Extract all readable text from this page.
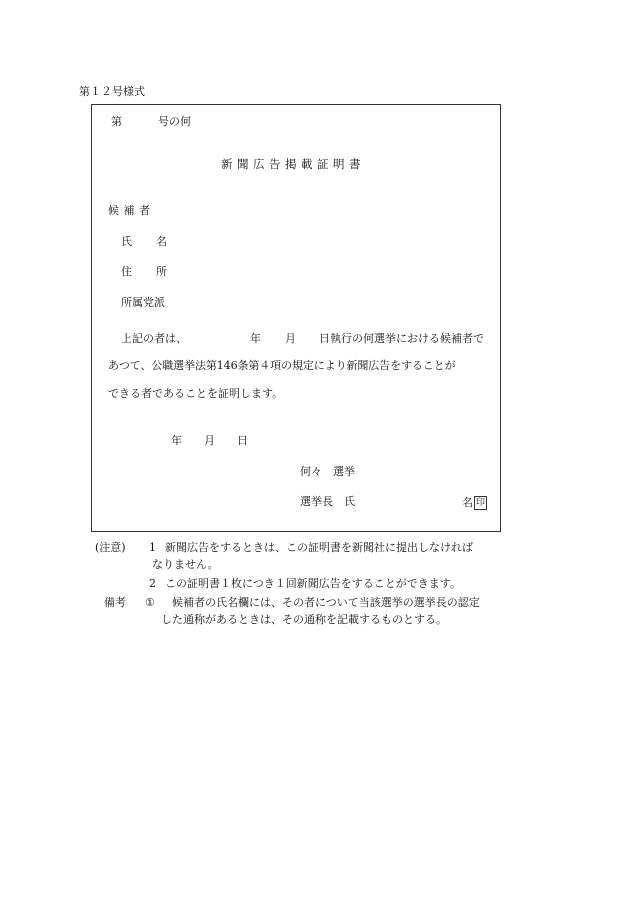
第１２号様式
第	号の何
新聞広告掲載証明書
候補者
氏 名
住 所
所属党派
上記の者は、	年 月 日執行の何選挙における候補者で
あつて、公職選挙法第146条第４項の規定により新聞広告をすることが
できる者であることを証明します。
年 月 日
何々　選挙
選挙長　氏	名 印
(注意) 1 新聞広告をするときは、この証明書を新聞社に提出しなければ
なりません。
2 この証明書１枚につき１回新聞広告をすることができます。
備考 ① 候補者の氏名欄には、その者について当該選挙の選挙長の認定
した通称があるときは、その通称を記載するものとする。
